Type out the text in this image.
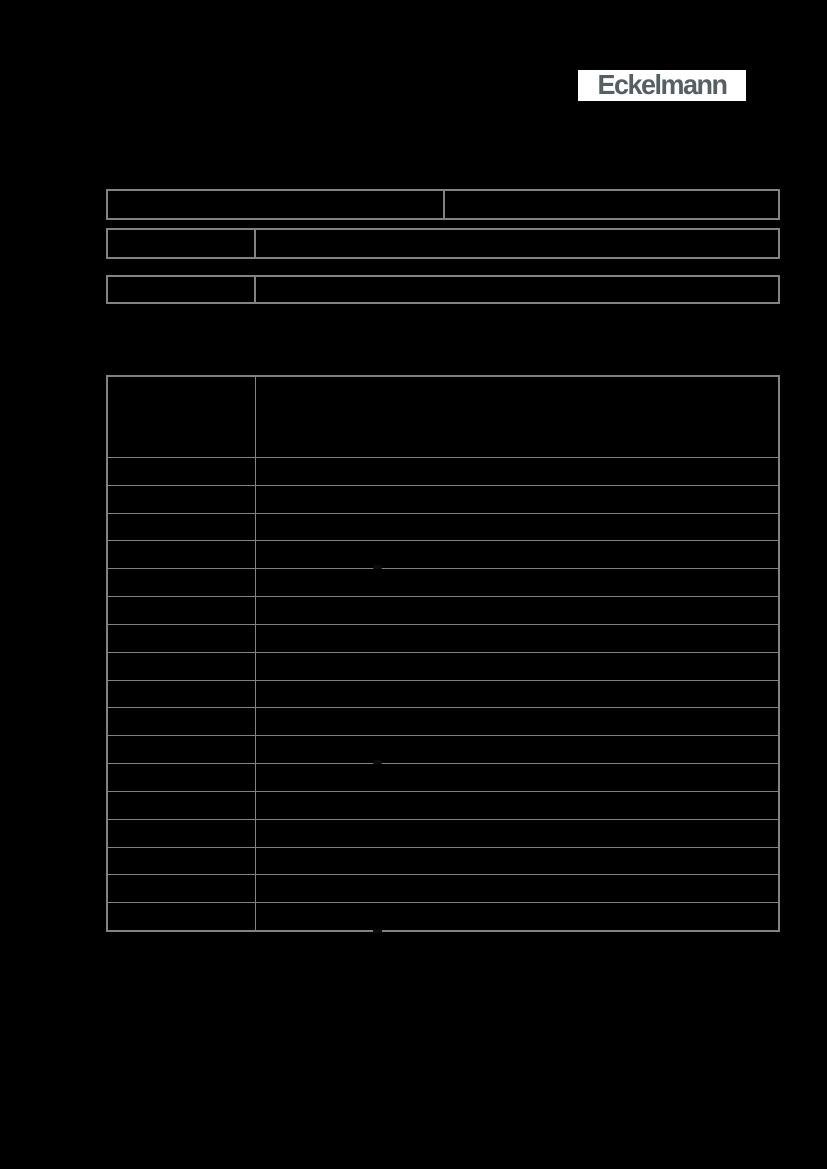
Eckelmann
